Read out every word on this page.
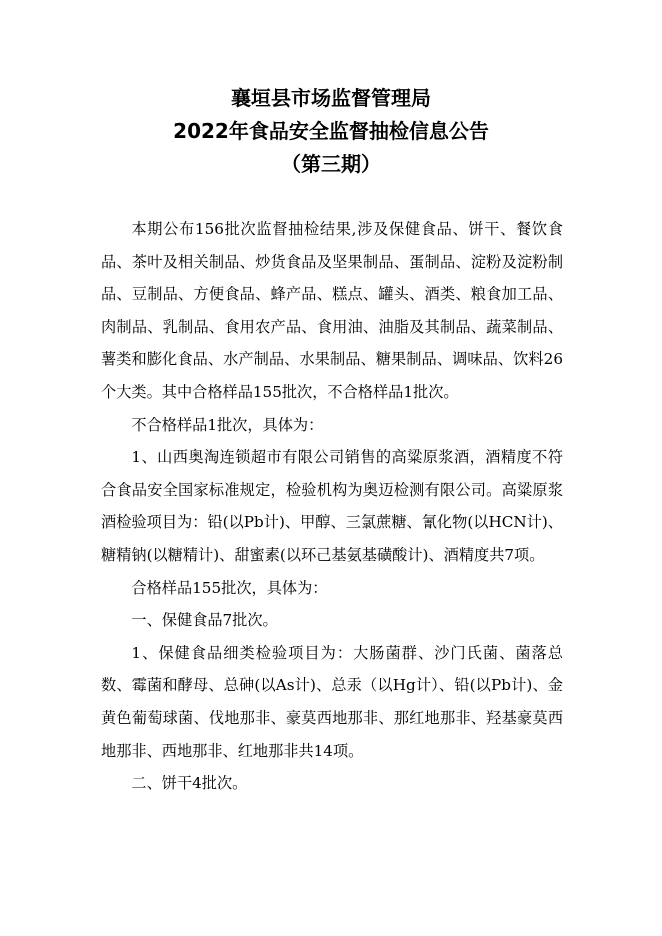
襄垣县市场监督管理局
2022年食品安全监督抽检信息公告
（第三期）

本期公布156批次监督抽检结果,涉及保健食品、饼干、餐饮食品、茶叶及相关制品、炒货食品及坚果制品、蛋制品、淀粉及淀粉制品、豆制品、方便食品、蜂产品、糕点、罐头、酒类、粮食加工品、肉制品、乳制品、食用农产品、食用油、油脂及其制品、蔬菜制品、薯类和膨化食品、水产制品、水果制品、糖果制品、调味品、饮料26个大类。其中合格样品155批次，不合格样品1批次。

不合格样品1批次，具体为：

1、山西奥淘连锁超市有限公司销售的高粱原浆酒，酒精度不符合食品安全国家标准规定，检验机构为奥迈检测有限公司。高粱原浆酒检验项目为：铅(以Pb计)、甲醇、三氯蔗糖、氰化物(以HCN计)、糖精钠(以糖精计)、甜蜜素(以环己基氨基磺酸计)、酒精度共7项。

合格样品155批次，具体为：

一、保健食品7批次。

1、保健食品细类检验项目为：大肠菌群、沙门氏菌、菌落总数、霉菌和酵母、总砷(以As计)、总汞（以Hg计）、铅(以Pb计)、金黄色葡萄球菌、伐地那非、豪莫西地那非、那红地那非、羟基豪莫西地那非、西地那非、红地那非共14项。

二、饼干4批次。
